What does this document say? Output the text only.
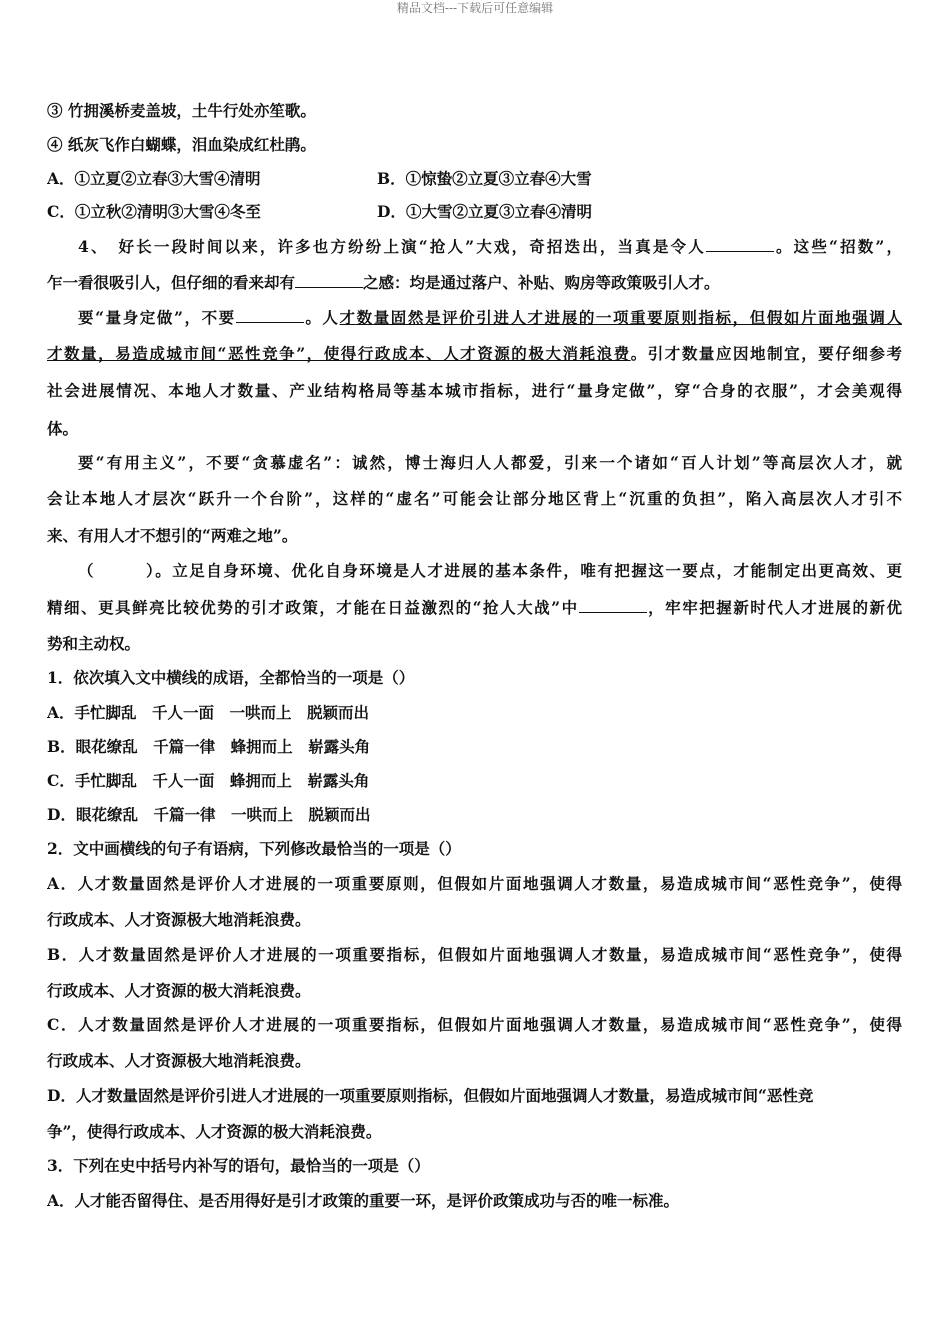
精品文档---下载后可任意编辑
③ 竹拥溪桥麦盖坡，土牛行处亦笙歌。
④ 纸灰飞作白蝴蝶，泪血染成红杜鹃。
A．①立夏②立春③大雪④清明	B．①惊蛰②立夏③立春④大雪
C．①立秋②清明③大雪④冬至	D．①大雪②立夏③立春④清明
4、　好长一段时间以来，许多也方纷纷上演“抢人”大戏，奇招迭出，当真是令人	。这些“招数”，
乍一看很吸引人，但仔细的看来却有	之感：均是通过落户、补贴、购房等政策吸引人才。
要“量身定做”，不要	。人才数量固然是评价引进人才进展的一项重要原则指标，但假如片面地强调人
才数量，易造成城市间“恶性竞争”，使得行政成本、人才资源的极大消耗浪费。引才数量应因地制宜，要仔细参考
社会进展情况、本地人才数量、产业结构格局等基本城市指标，进行“量身定做”，穿“合身的衣服”，才会美观得
体。
要“有用主义”，不要“贪慕虚名”：诚然，博士海归人人都爱，引来一个诸如“百人计划”等高层次人才，就
会让本地人才层次“跃升一个台阶”，这样的“虚名”可能会让部分地区背上“沉重的负担”，陷入高层次人才引不
来、有用人才不想引的“两难之地”。
（　　　）。立足自身环境、优化自身环境是人才进展的基本条件，唯有把握这一要点，才能制定出更高效、更
精细、更具鲜亮比较优势的引才政策，才能在日益激烈的“抢人大战”中	，牢牢把握新时代人才进展的新优
势和主动权。
1．依次填入文中横线的成语，全都恰当的一项是（）
A．手忙脚乱　千人一面　一哄而上　脱颖而出
B．眼花缭乱　千篇一律　蜂拥而上　崭露头角
C．手忙脚乱　千人一面　蜂拥而上　崭露头角
D．眼花缭乱　千篇一律　一哄而上　脱颖而出
2．文中画横线的句子有语病，下列修改最恰当的一项是（）
A．人才数量固然是评价人才进展的一项重要原则，但假如片面地强调人才数量，易造成城市间“恶性竞争”，使得
行政成本、人才资源极大地消耗浪费。
B．人才数量固然是评价人才进展的一项重要指标，但假如片面地强调人才数量，易造成城市间“恶性竞争”，使得
行政成本、人才资源的极大消耗浪费。
C．人才数量固然是评价人才进展的一项重要指标，但假如片面地强调人才数量，易造成城市间“恶性竞争”，使得
行政成本、人才资源极大地消耗浪费。
D．人才数量固然是评价引进人才进展的一项重要原则指标，但假如片面地强调人才数量，易造成城市间“恶性竞
争”，使得行政成本、人才资源的极大消耗浪费。
3．下列在史中括号内补写的语句，最恰当的一项是（）
A．人才能否留得住、是否用得好是引才政策的重要一环，是评价政策成功与否的唯一标准。
